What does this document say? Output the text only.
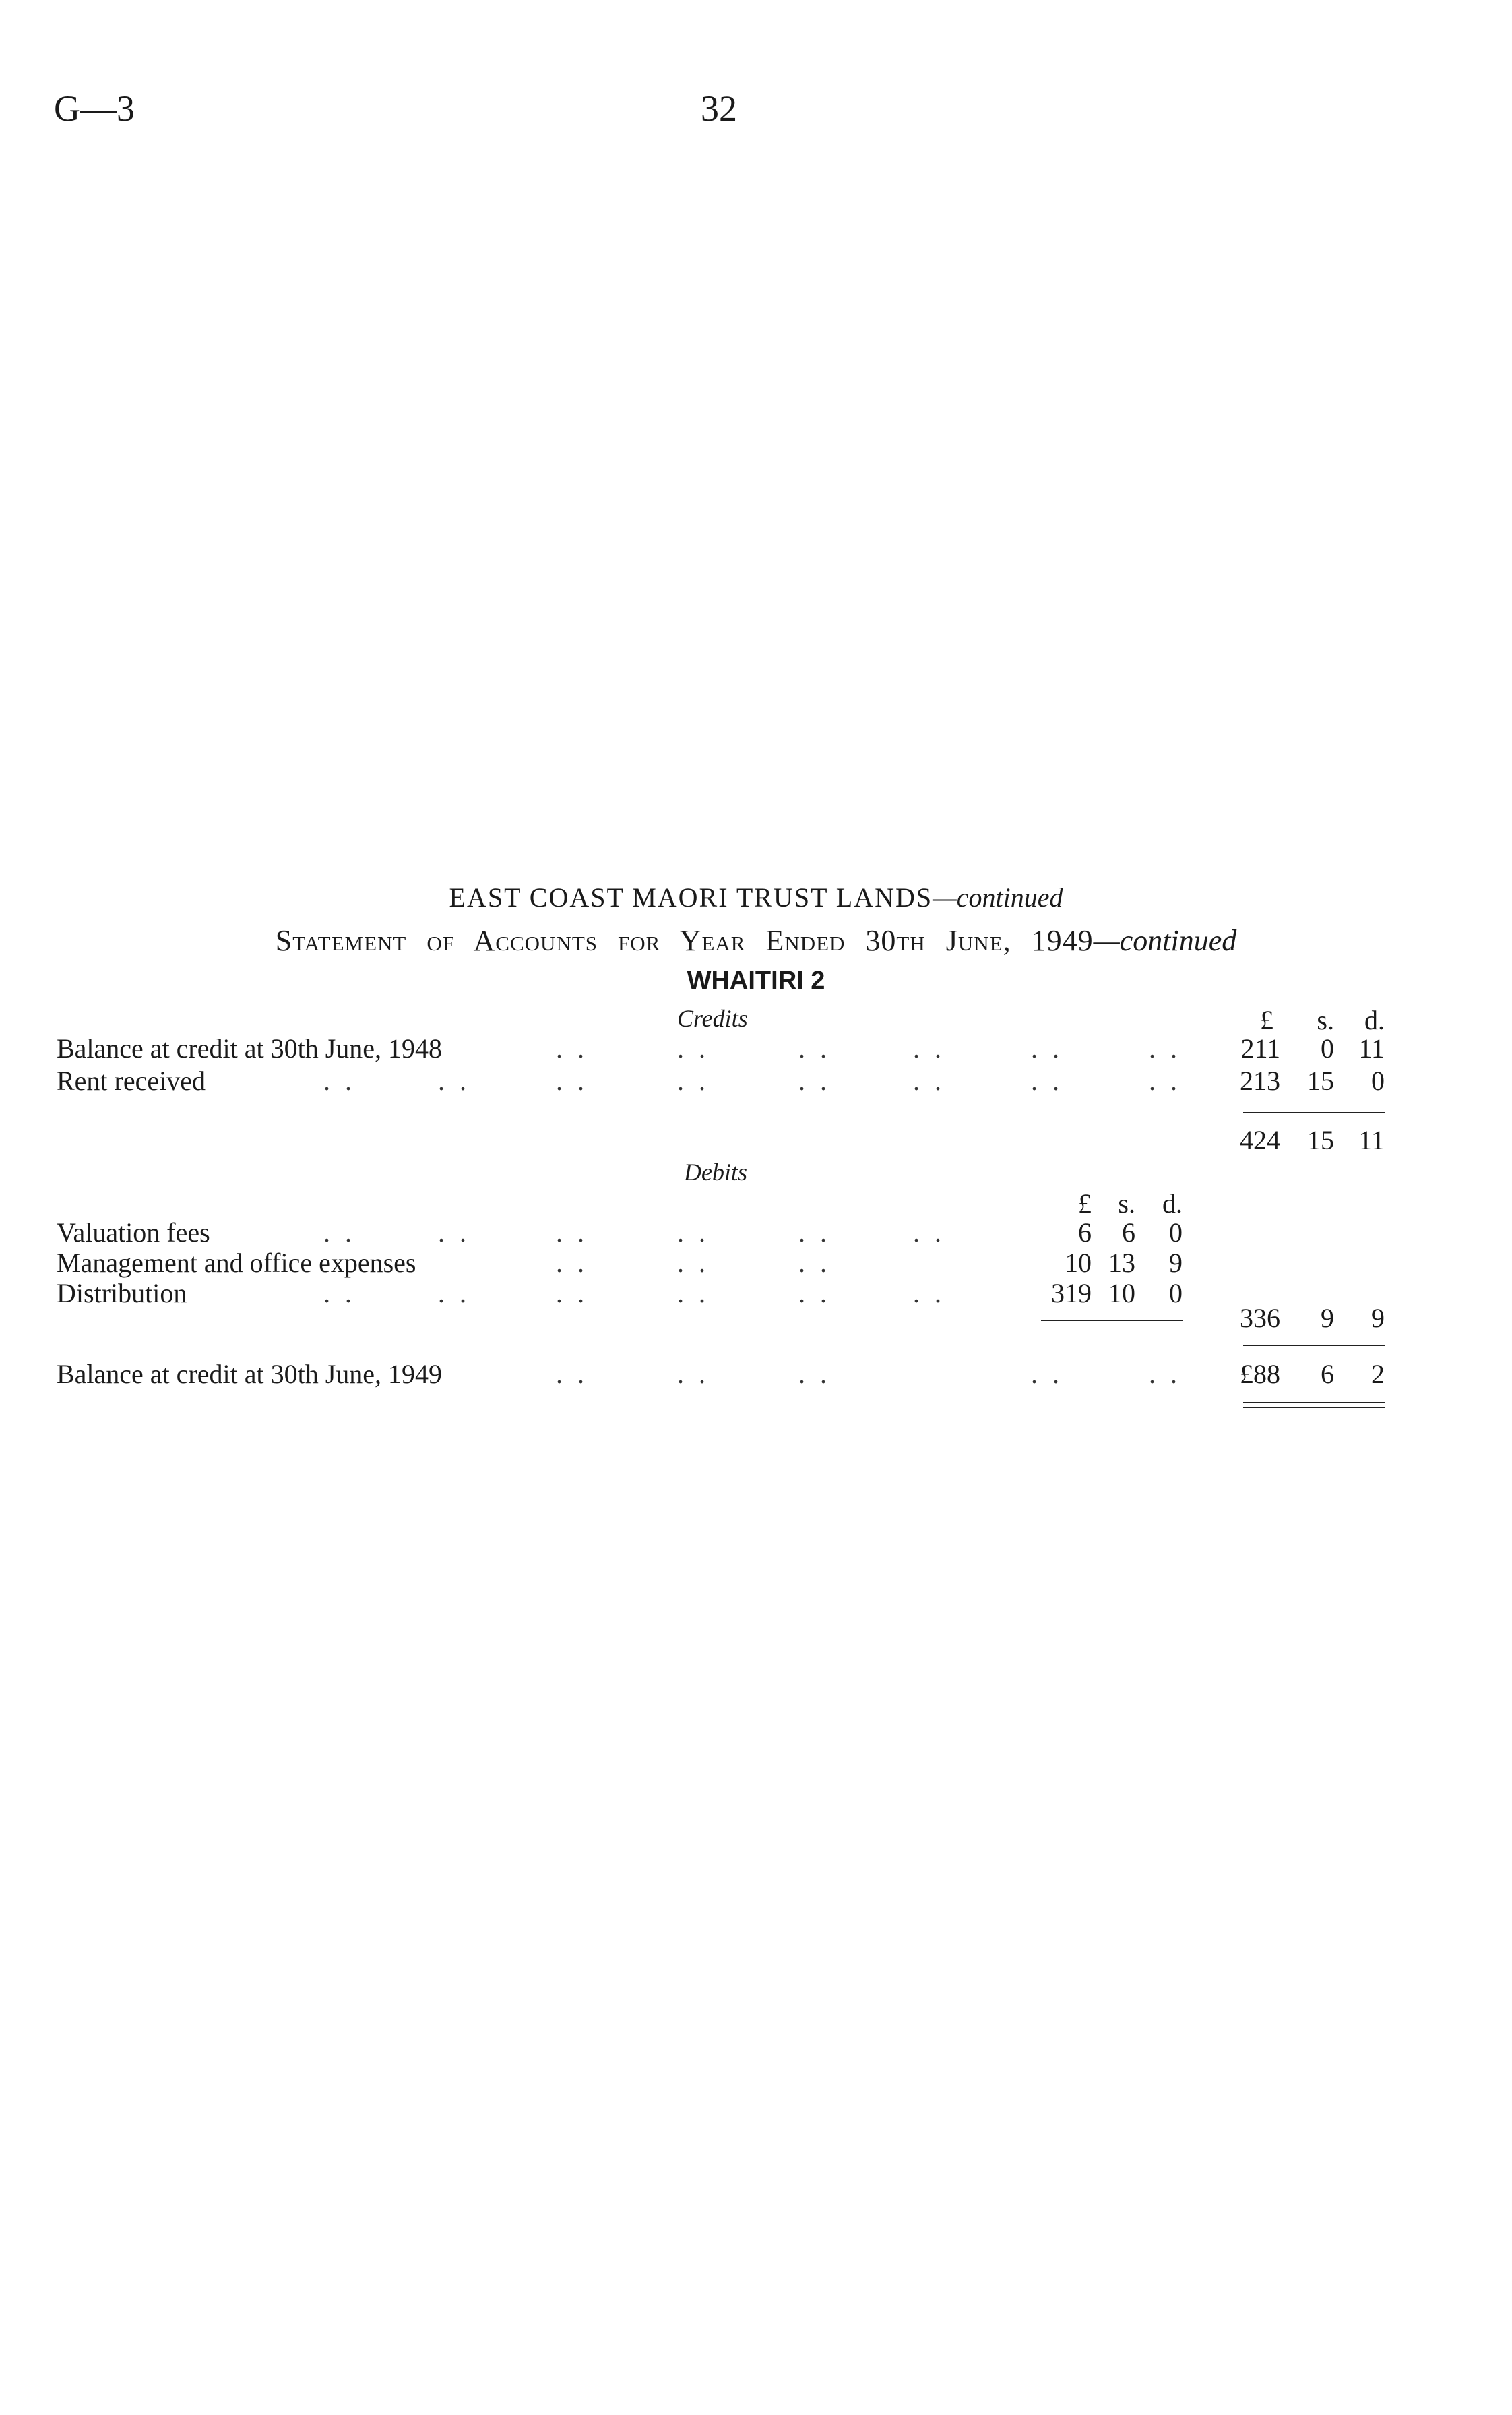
G—3	32
EAST COAST MAORI TRUST LANDS—continued
Statement of Accounts for Year Ended 30th June, 1949—continued
WHAITIRI 2
Credits	£	s.	d.
Balance at credit at 30th June, 1948	. .	. .	. .	. .	. .	. .	211	0 11
Rent received	. .	. .	. .	. .	. .	. .	. .	. .	213	15	0
424	15 11
Debits
£ s.	d.
Valuation fees	. .	. .	. .	. .	. .	. .	6	6	0
Management and office expenses	. .	. .	. .	10 13	9
Distribution	. .	. .	. .	. .	. .	. .	319 10	0
336	9	9
Balance at credit at 30th June, 1949	. .	. .	. .	. .	. .	£88	6	2
